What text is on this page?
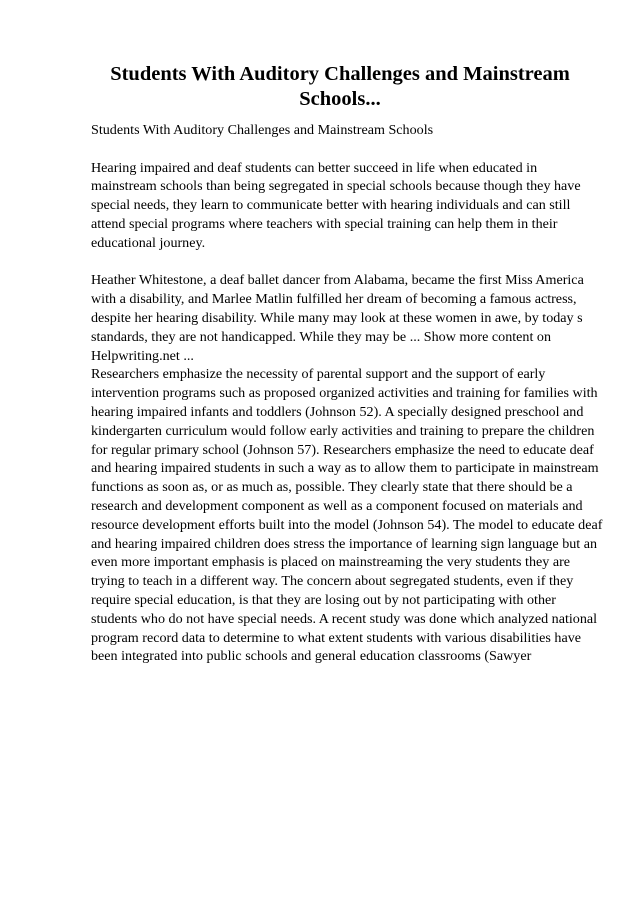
Students With Auditory Challenges and Mainstream Schools...

Students With Auditory Challenges and Mainstream Schools

Hearing impaired and deaf students can better succeed in life when educated in mainstream schools than being segregated in special schools because though they have special needs, they learn to communicate better with hearing individuals and can still attend special programs where teachers with special training can help them in their educational journey.

Heather Whitestone, a deaf ballet dancer from Alabama, became the first Miss America with a disability, and Marlee Matlin fulfilled her dream of becoming a famous actress, despite her hearing disability. While many may look at these women in awe, by today s standards, they are not handicapped. While they may be ... Show more content on Helpwriting.net ...

Researchers emphasize the necessity of parental support and the support of early intervention programs such as proposed organized activities and training for families with hearing impaired infants and toddlers (Johnson 52). A specially designed preschool and kindergarten curriculum would follow early activities and training to prepare the children for regular primary school (Johnson 57). Researchers emphasize the need to educate deaf and hearing impaired students in such a way as to allow them to participate in mainstream functions as soon as, or as much as, possible. They clearly state that there should be a research and development component as well as a component focused on materials and resource development efforts built into the model (Johnson 54). The model to educate deaf and hearing impaired children does stress the importance of learning sign language but an even more important emphasis is placed on mainstreaming the very students they are trying to teach in a different way. The concern about segregated students, even if they require special education, is that they are losing out by not participating with other students who do not have special needs. A recent study was done which analyzed national program record data to determine to what extent students with various disabilities have been integrated into public schools and general education classrooms (Sawyer
